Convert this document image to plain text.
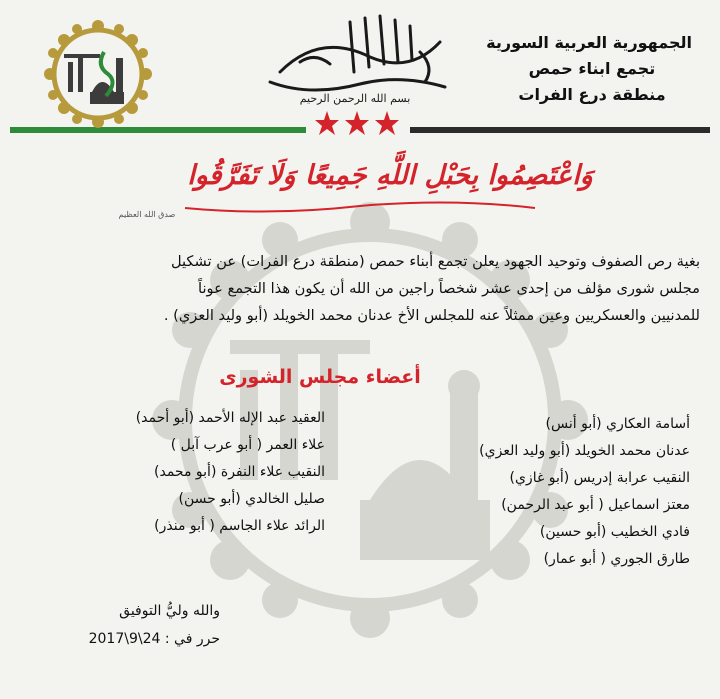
الجمهورية العربية السورية
تجمع ابناء حمص
منطقة درع الفرات
بسم الله الرحمن الرحيم
وَاعْتَصِمُوا بِحَبْلِ اللَّهِ جَمِيعًا وَلَا تَفَرَّقُوا
صدق الله العظيم
بغية رص الصفوف وتوحيد الجهود يعلن تجمع أبناء حمص (منطقة درع الفرات) عن تشكيل
مجلس شورى مؤلف من إحدى عشر شخصاً راجين من الله أن يكون هذا التجمع عوناً
للمدنيين والعسكريين وعين ممثلاً عنه للمجلس الأخ عدنان محمد الخويلد (أبو وليد العزي) .
أعضاء مجلس الشورى
أسامة العكاري (أبو أنس)
عدنان محمد الخويلد (أبو وليد العزي)
النقيب عرابة إدريس (أبو غازي)
معتز اسماعيل ( أبو عبد الرحمن)
فادي الخطيب (أبو حسين)
طارق الجوري ( أبو عمار)
العقيد عبد الإله الأحمد (أبو أحمد)
علاء العمر ( أبو عرب آبل )
النقيب علاء النفرة (أبو محمد)
صليل الخالدي (أبو حسن)
الرائد علاء الجاسم ( أبو منذر)
والله وليُّ التوفيق
حرر في : 24\9\2017
